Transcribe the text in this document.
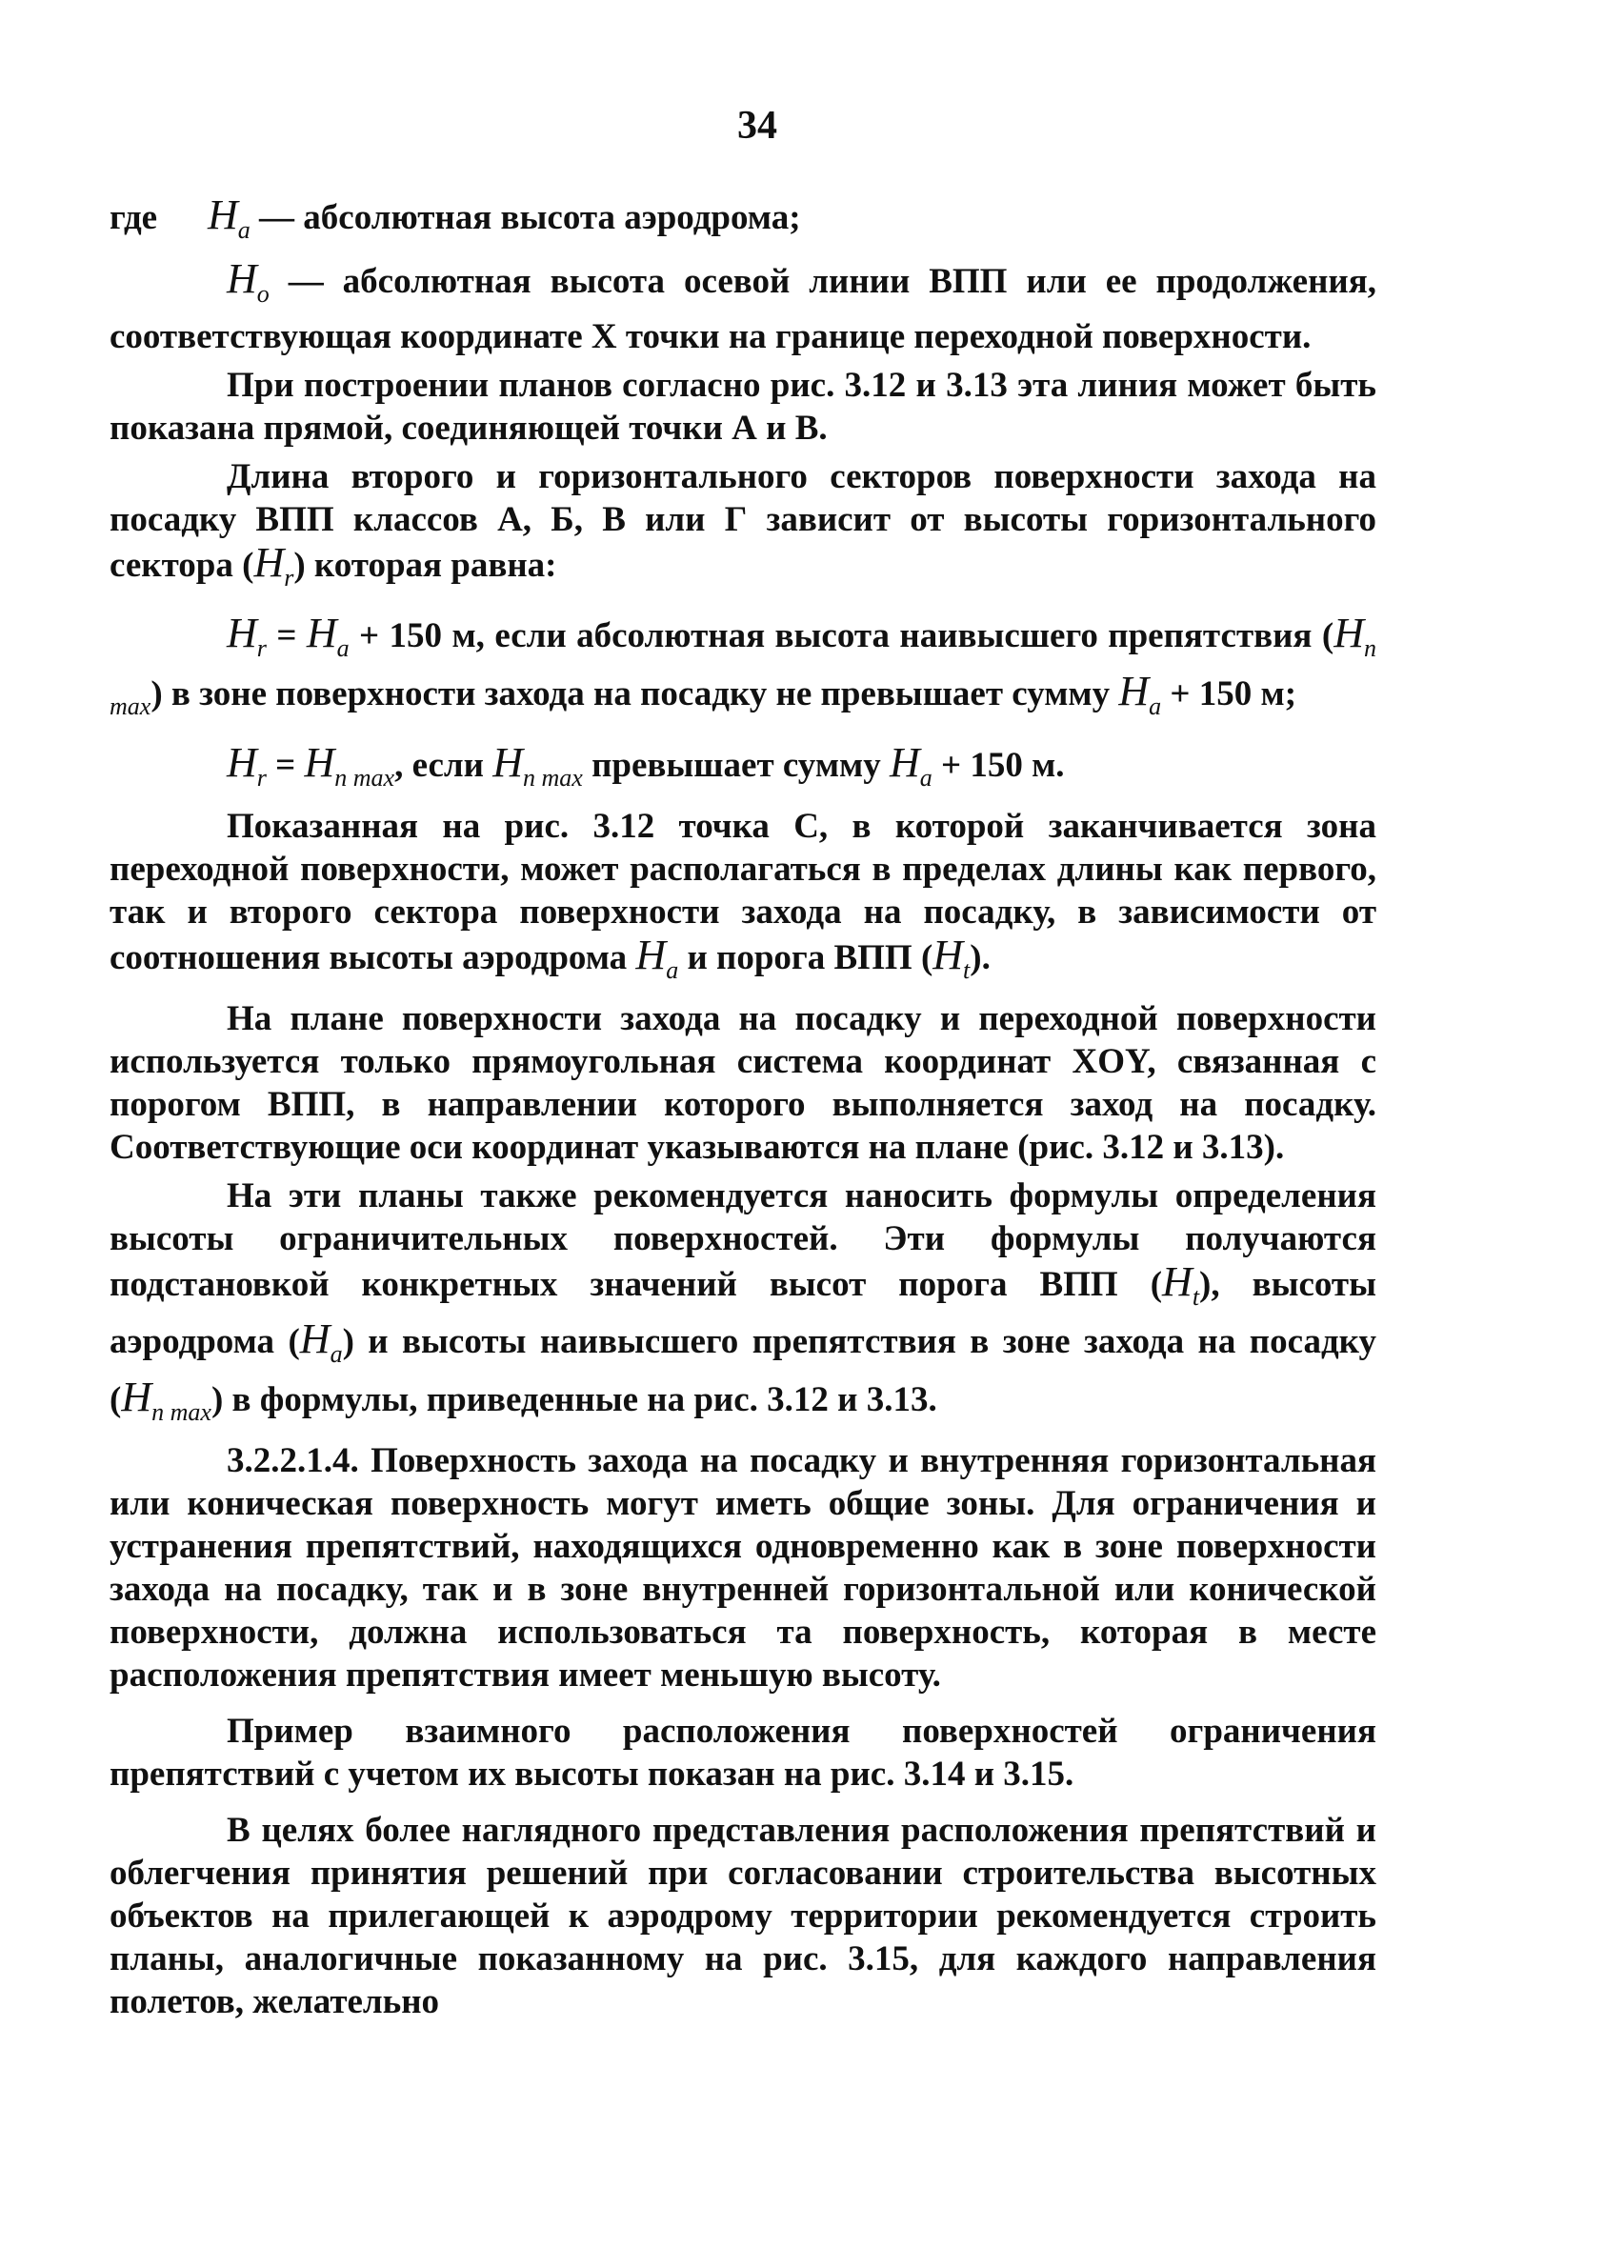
34
где	$H_a$ — абсолютная высота аэродрома;

$H_o$ — абсолютная высота осевой линии ВПП или ее продолжения, соответствующая координате Х точки на границе переходной поверхности.

При построении планов согласно рис. 3.12 и 3.13 эта линия может быть показана прямой, соединяющей точки А и В.

Длина второго и горизонтального секторов поверхности захода на посадку ВПП классов А, Б, В или Г зависит от высоты горизонтального сектора $(H_r)$ которая равна:

$H_r = H_a + 150$ м, если абсолютная высота наивысшего препятствия $(H_{n max})$ в зоне поверхности захода на посадку не превышает сумму $H_a + 150$ м;

$H_r = H_{n max}$, если $H_{n max}$ превышает сумму $H_a + 150$ м.

Показанная на рис. 3.12 точка С, в которой заканчивается зона переходной поверхности, может располагаться в пределах длины как первого, так и второго сектора поверхности захода на посадку, в зависимости от соотношения высоты аэродрома $H_a$ и порога ВПП $(H_t)$.

На плане поверхности захода на посадку и переходной поверхности используется только прямоугольная система координат XOY, связанная с порогом ВПП, в направлении которого выполняется заход на посадку. Соответствующие оси координат указываются на плане (рис. 3.12 и 3.13).

На эти планы также рекомендуется наносить формулы определения высоты ограничительных поверхностей. Эти формулы получаются подстановкой конкретных значений высот порога ВПП $(H_t)$, высоты аэродрома $(H_a)$ и высоты наивысшего препятствия в зоне захода на посадку $(H_{n max})$ в формулы, приведенные на рис. 3.12 и 3.13.

3.2.2.1.4. Поверхность захода на посадку и внутренняя горизонтальная или коническая поверхность могут иметь общие зоны. Для ограничения и устранения препятствий, находящихся одновременно как в зоне поверхности захода на посадку, так и в зоне внутренней горизонтальной или конической поверхности, должна использоваться та поверхность, которая в месте расположения препятствия имеет меньшую высоту.

Пример взаимного расположения поверхностей ограничения препятствий с учетом их высоты показан на рис. 3.14 и 3.15.

В целях более наглядного представления расположения препятствий и облегчения принятия решений при согласовании строительства высотных объектов на прилегающей к аэродрому территории рекомендуется строить планы, аналогичные показанному на рис. 3.15, для каждого направления полетов, желательно
